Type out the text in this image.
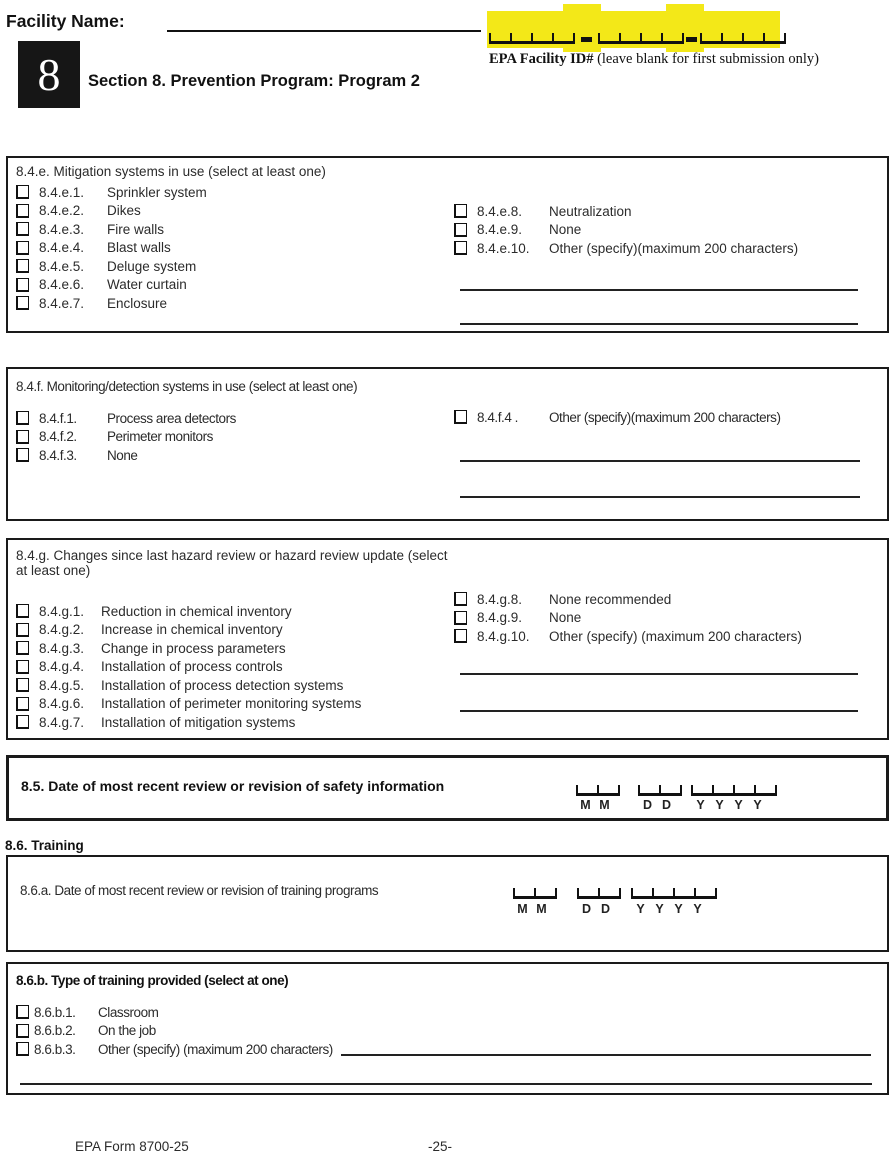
Facility Name:
EPA Facility ID# (leave blank for first submission only)
8 Section 8. Prevention Program: Program 2
8.4.e. Mitigation systems in use (select at least one)
8.4.e.1.	Sprinkler system
8.4.e.2.	Dikes
8.4.e.3.	Fire walls
8.4.e.4.	Blast walls
8.4.e.5.	Deluge system
8.4.e.6.	Water curtain
8.4.e.7.	Enclosure
8.4.e.8.	Neutralization
8.4.e.9.	None
8.4.e.10.	Other (specify)(maximum 200 characters)
8.4.f. Monitoring/detection systems in use (select at least one)
8.4.f.1.	Process area detectors
8.4.f.2.	Perimeter monitors
8.4.f.3.	None
8.4.f.4 .	Other (specify)(maximum 200 characters)
8.4.g. Changes since last hazard review or hazard review update (select at least one)
8.4.g.1.	Reduction in chemical inventory
8.4.g.2.	Increase in chemical inventory
8.4.g.3.	Change in process parameters
8.4.g.4.	Installation of process controls
8.4.g.5.	Installation of process detection systems
8.4.g.6.	Installation of perimeter monitoring systems
8.4.g.7.	Installation of mitigation systems
8.4.g.8.	None recommended
8.4.g.9.	None
8.4.g.10.	Other (specify) (maximum 200 characters)
8.5. Date of most recent review or revision of safety information
M M	D D	Y Y Y Y
8.6. Training
8.6.a. Date of most recent review or revision of training programs
M M	D D	Y Y Y Y
8.6.b. Type of training provided (select at one)
8.6.b.1.	Classroom
8.6.b.2.	On the job
8.6.b.3.	Other (specify) (maximum 200 characters)
EPA Form 8700-25	-25-
